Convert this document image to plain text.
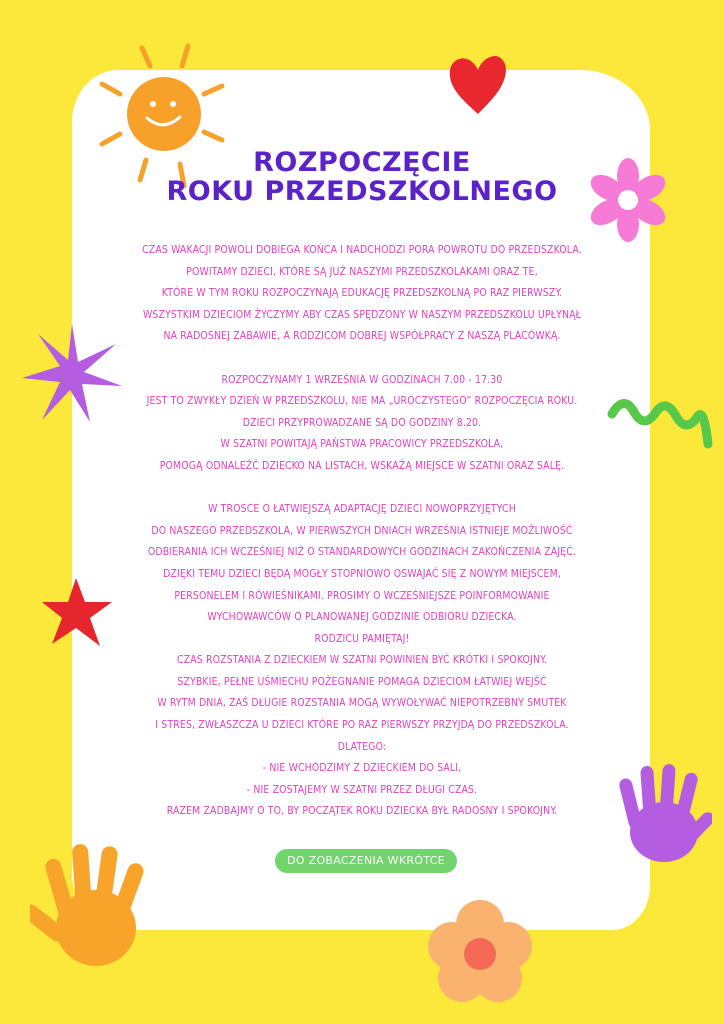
ROZPOCZĘCIE
ROKU PRZEDSZKOLNEGO
CZAS WAKACJI POWOLI DOBIEGA KOŃCA I NADCHODZI PORA POWROTU DO PRZEDSZKOLA.
POWITAMY DZIECI, KTÓRE SĄ JUŻ NASZYMI PRZEDSZKOLAKAMI ORAZ TE,
KTÓRE W TYM ROKU ROZPOCZYNAJĄ EDUKACJĘ PRZEDSZKOLNĄ PO RAZ PIERWSZY.
WSZYSTKIM DZIECIOM ŻYCZYMY ABY CZAS SPĘDZONY W NASZYM PRZEDSZKOLU UPŁYNĄŁ
NA RADOSNEJ ZABAWIE, A RODZICOM DOBREJ WSPÓŁPRACY Z NASZĄ PLACÓWKĄ.
ROZPOCZYNAMY 1 WRZEŚNIA W GODZINACH 7.00 - 17.30
JEST TO ZWYKŁY DZIEŃ W PRZEDSZKOLU, NIE MA „UROCZYSTEGO” ROZPOCZĘCIA ROKU.
DZIECI PRZYPROWADZANE SĄ DO GODZINY 8.20.
W SZATNI POWITAJĄ PAŃSTWA PRACOWICY PRZEDSZKOLA,
POMOGĄ ODNALEŹĆ DZIECKO NA LISTACH, WSKAŻĄ MIEJSCE W SZATNI ORAZ SALĘ.
W TROSCE O ŁATWIEJSZĄ ADAPTACJĘ DZIECI NOWOPRZYJĘTYCH
DO NASZEGO PRZEDSZKOLA, W PIERWSZYCH DNIACH WRZEŚNIA ISTNIEJE MOŻLIWOŚĆ
ODBIERANIA ICH WCZEŚNIEJ NIŻ O STANDARDOWYCH GODZINACH ZAKOŃCZENIA ZAJĘĆ.
DZIĘKI TEMU DZIECI BĘDĄ MOGŁY STOPNIOWO OSWAJAĆ SIĘ Z NOWYM MIEJSCEM,
PERSONELEM I RÓWIEŚNIKAMI. PROSIMY O WCZEŚNIEJSZE POINFORMOWANIE
WYCHOWAWCÓW O PLANOWANEJ GODZINIE ODBIORU DZIECKA.
RODZICU PAMIĘTAJ!
CZAS ROZSTANIA Z DZIECKIEM W SZATNI POWINIEN BYĆ KRÓTKI I SPOKOJNY.
SZYBKIE, PEŁNE UŚMIECHU POŻEGNANIE POMAGA DZIECIOM ŁATWIEJ WEJŚĆ
W RYTM DNIA, ZAŚ DŁUGIE ROZSTANIA MOGĄ WYWOŁYWAĆ NIEPOTRZEBNY SMUTEK
I STRES, ZWŁASZCZA U DZIECI KTÓRE PO RAZ PIERWSZY PRZYJDĄ DO PRZEDSZKOLA.
DLATEGO:
- NIE WCHODZIMY Z DZIECKIEM DO SALI,
- NIE ZOSTAJEMY W SZATNI PRZEZ DŁUGI CZAS.
RAZEM ZADBAJMY O TO, BY POCZĄTEK ROKU DZIECKA BYŁ RADOSNY I SPOKOJNY.
DO ZOBACZENIA WKRÓTCE
